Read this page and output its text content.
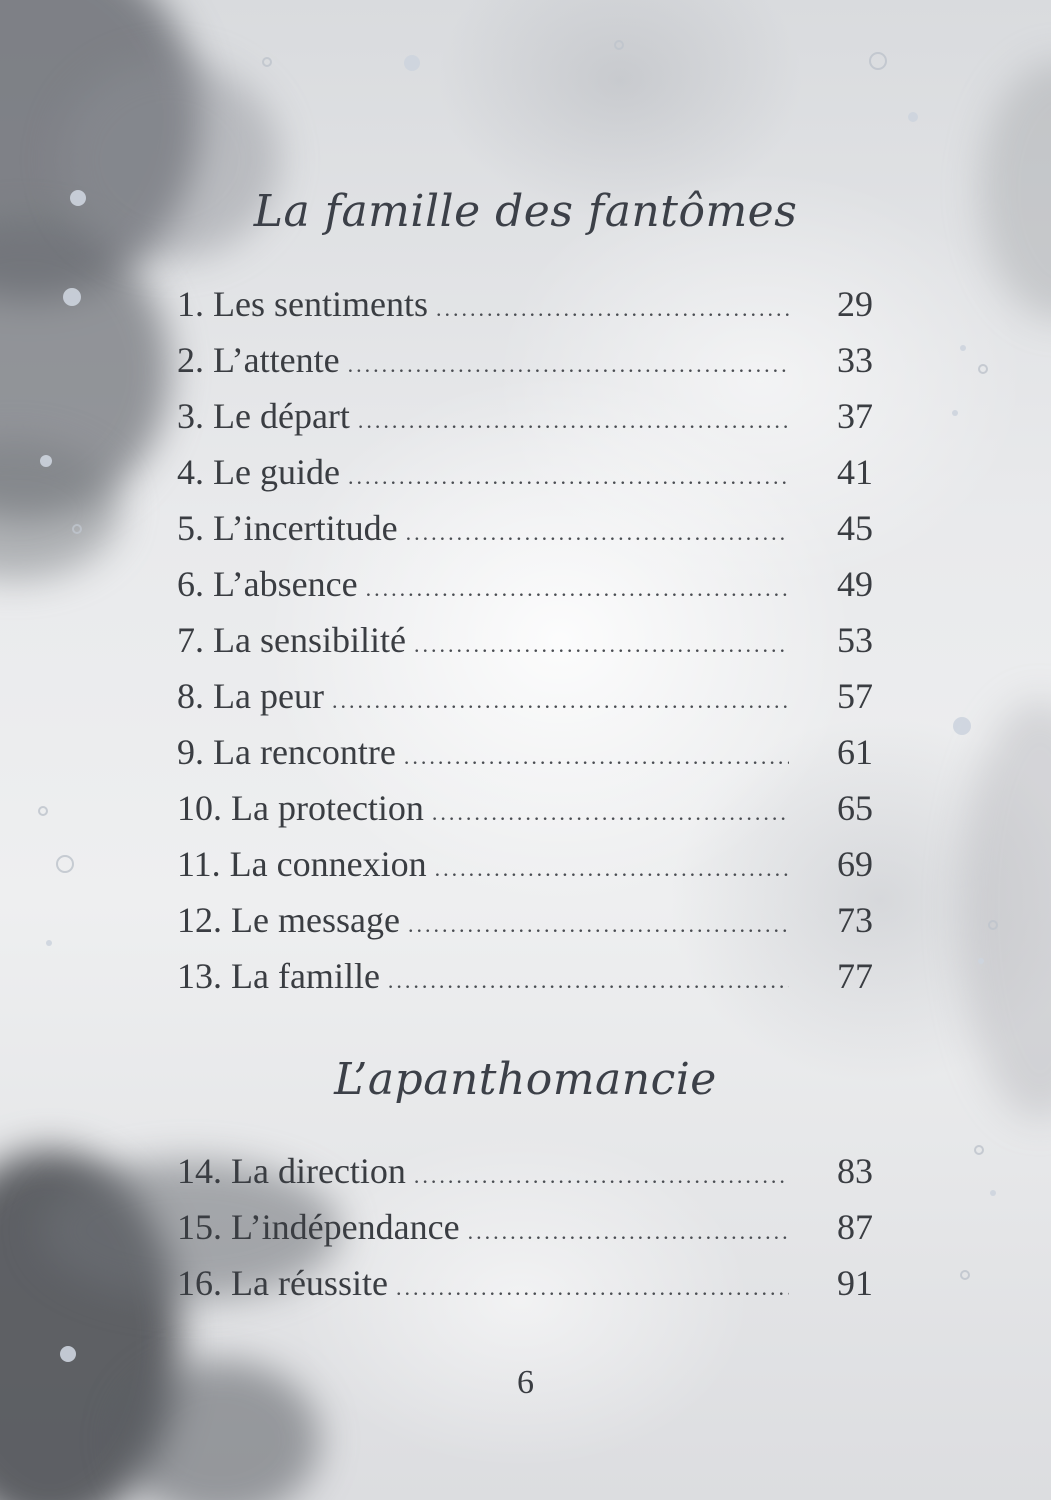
La famille des fantômes
1. Les sentiments .....	29
2. L’attente .....	33
3. Le départ .....	37
4. Le guide .....	41
5. L’incertitude .....	45
6. L’absence .....	49
7. La sensibilité .....	53
8. La peur .....	57
9. La rencontre .....	61
10. La protection .....	65
11. La connexion .....	69
12. Le message .....	73
13. La famille .....	77
L’apanthomancie
14. La direction .....	83
15. L’indépendance .....	87
16. La réussite .....	91

6
